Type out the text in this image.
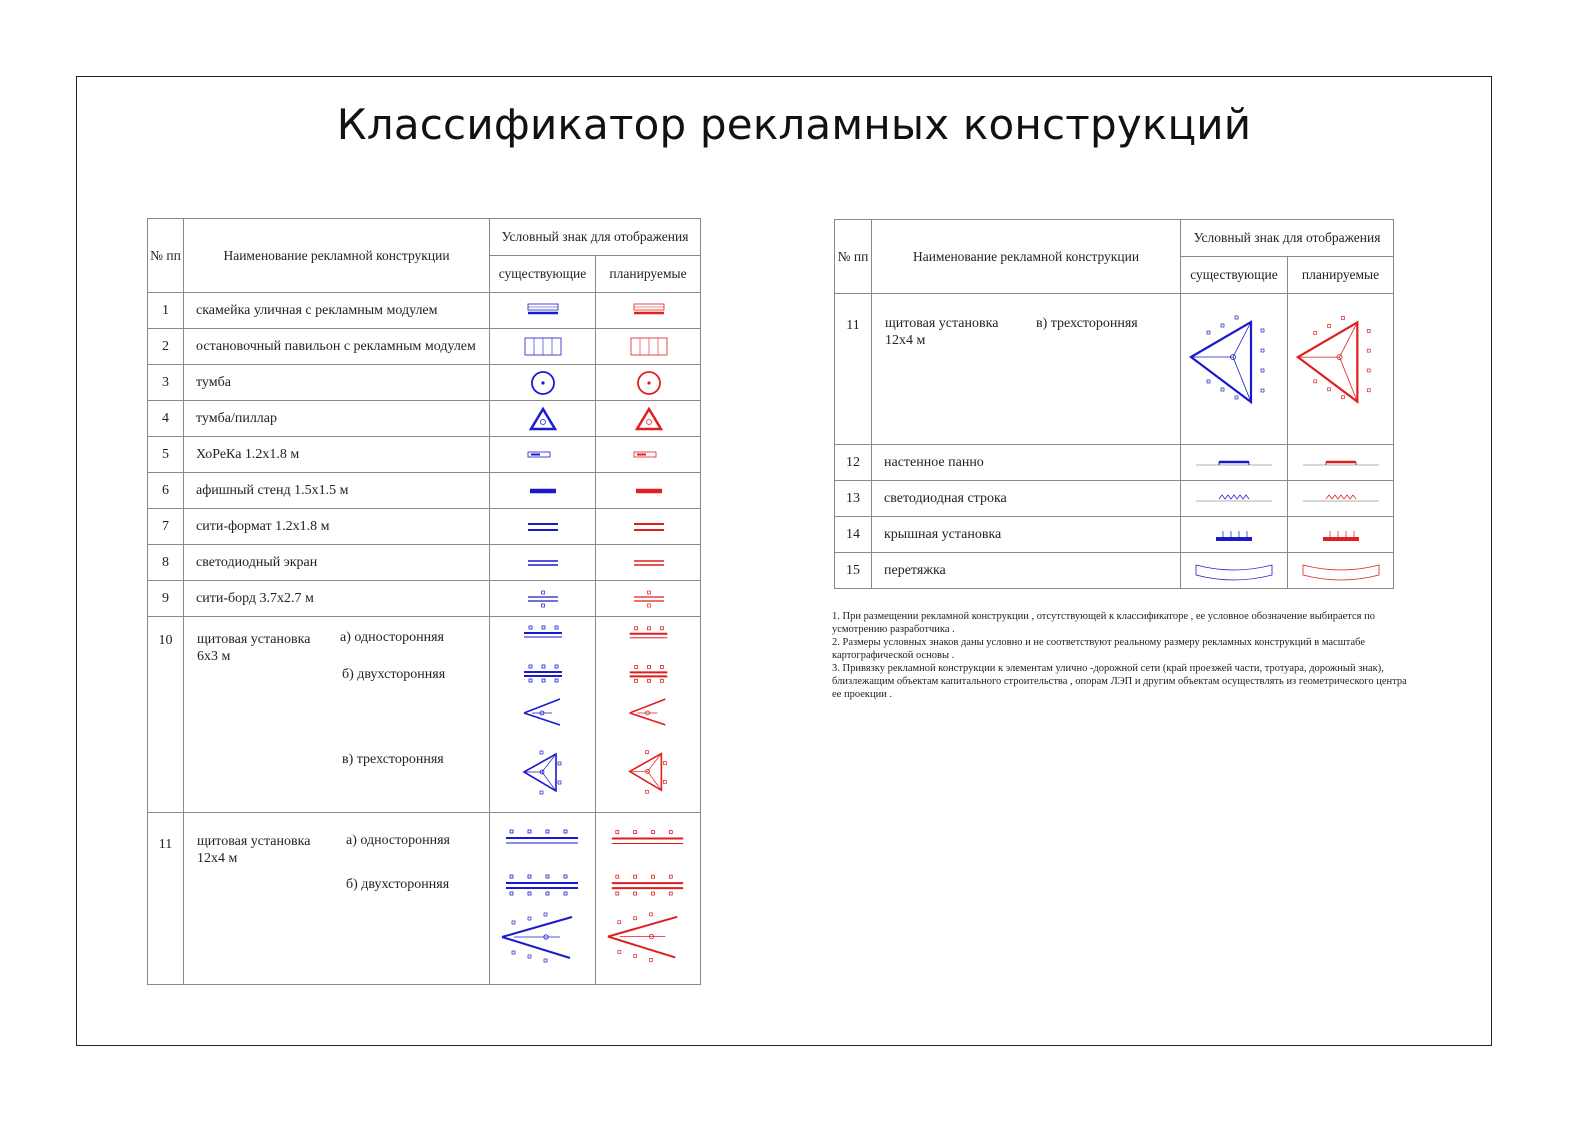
Классификатор рекламных конструкций
№ пп	Наименование рекламной конструкции	Условный знак для отображения	
		существующие	планируемые
1	скамейка уличная с рекламным модулем	

2	остановочный павильон с рекламным модулем	

3	тумба	

4	тумба/пиллар	

5	ХоРеКа 1.2х1.8 м	

6	афишный стенд 1.5х1.5 м	

7	сити-формат 1.2х1.8 м	

8	светодиодный экран	

9	сити-борд 3.7х2.7 м	

10	щитовая установка 6х3 м
а) односторонняя
б) двухсторонняя
в) трехсторонняя

11	щитовая установка 12х4 м
а) односторонняя
б) двухсторонняя

№ пп	Наименование рекламной конструкции	Условный знак для отображения	
		существующие	планируемые
11	щитовая установка 12х4 м
в) трехсторонняя

12	настенное панно	

13	светодиодная строка	

14	крышная установка	

15	перетяжка	

1. При размещении рекламной конструкции , отсутствующей к классификаторе , ее условное обозначение выбирается по усмотрению разработчика .
2. Размеры условных знаков даны условно и не соответствуют реальному размеру рекламных конструкций в масштабе картографической основы .
3. Привязку рекламной конструкции к элементам улично -дорожной сети (край проезжей части, тротуара, дорожный знак), близлежащим объектам капитального строительства , опорам ЛЭП и другим объектам осуществлять из геометрического центра ее проекции .
